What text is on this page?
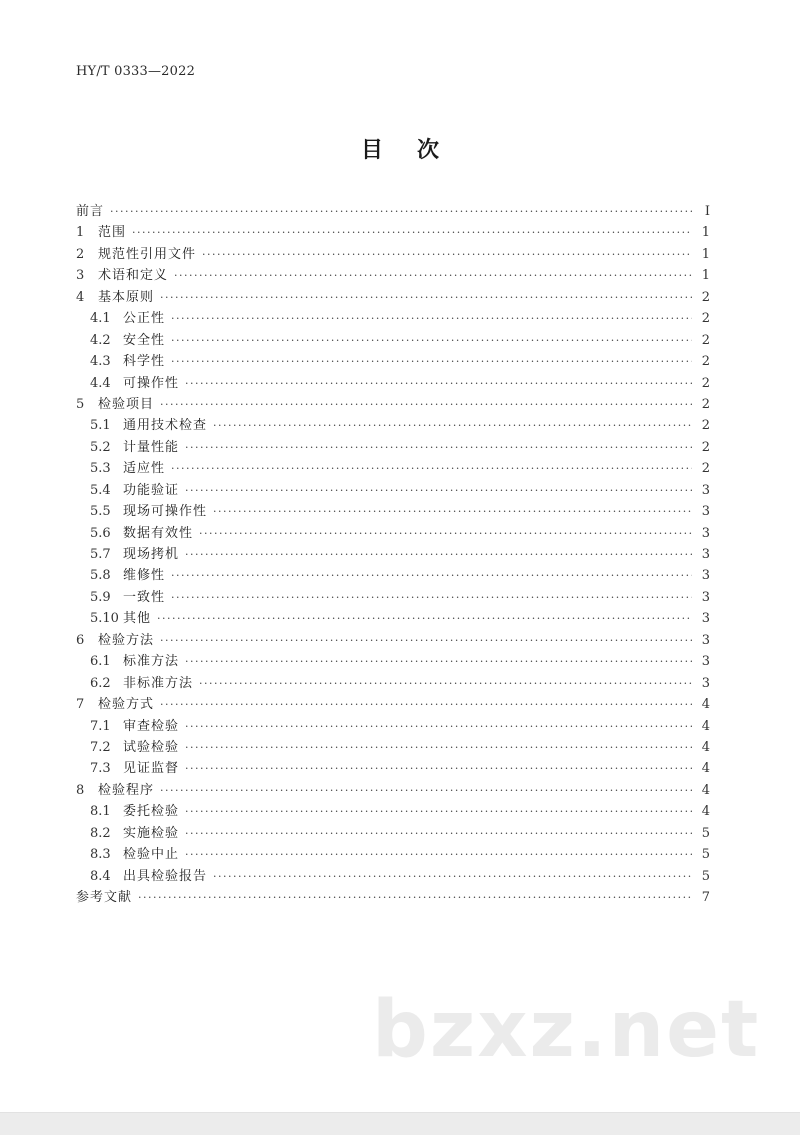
HY/T 0333—2022
目次
前言 ·····	Ⅰ
1	范围 ·····	1
2	规范性引用文件 ·····	1
3	术语和定义 ·····	1
4	基本原则 ·····	2
4.1 公正性 ·····	2
4.2 安全性 ·····	2
4.3 科学性 ·····	2
4.4 可操作性 ·····	2
5	检验项目 ·····	2
5.1 通用技术检查 ·····	2
5.2 计量性能 ·····	2
5.3 适应性 ·····	2
5.4 功能验证 ·····	3
5.5 现场可操作性 ·····	3
5.6 数据有效性 ·····	3
5.7 现场拷机 ·····	3
5.8 维修性 ·····	3
5.9 一致性 ·····	3
5.10 其他 ·····	3
6	检验方法 ·····	3
6.1 标准方法 ·····	3
6.2 非标准方法 ·····	3
7	检验方式 ·····	4
7.1 审查检验 ·····	4
7.2 试验检验 ·····	4
7.3 见证监督 ·····	4
8	检验程序 ·····	4
8.1 委托检验 ·····	4
8.2 实施检验 ·····	5
8.3 检验中止 ·····	5
8.4 出具检验报告 ·····	5
参考文献 ·····	7
bzxz.net
